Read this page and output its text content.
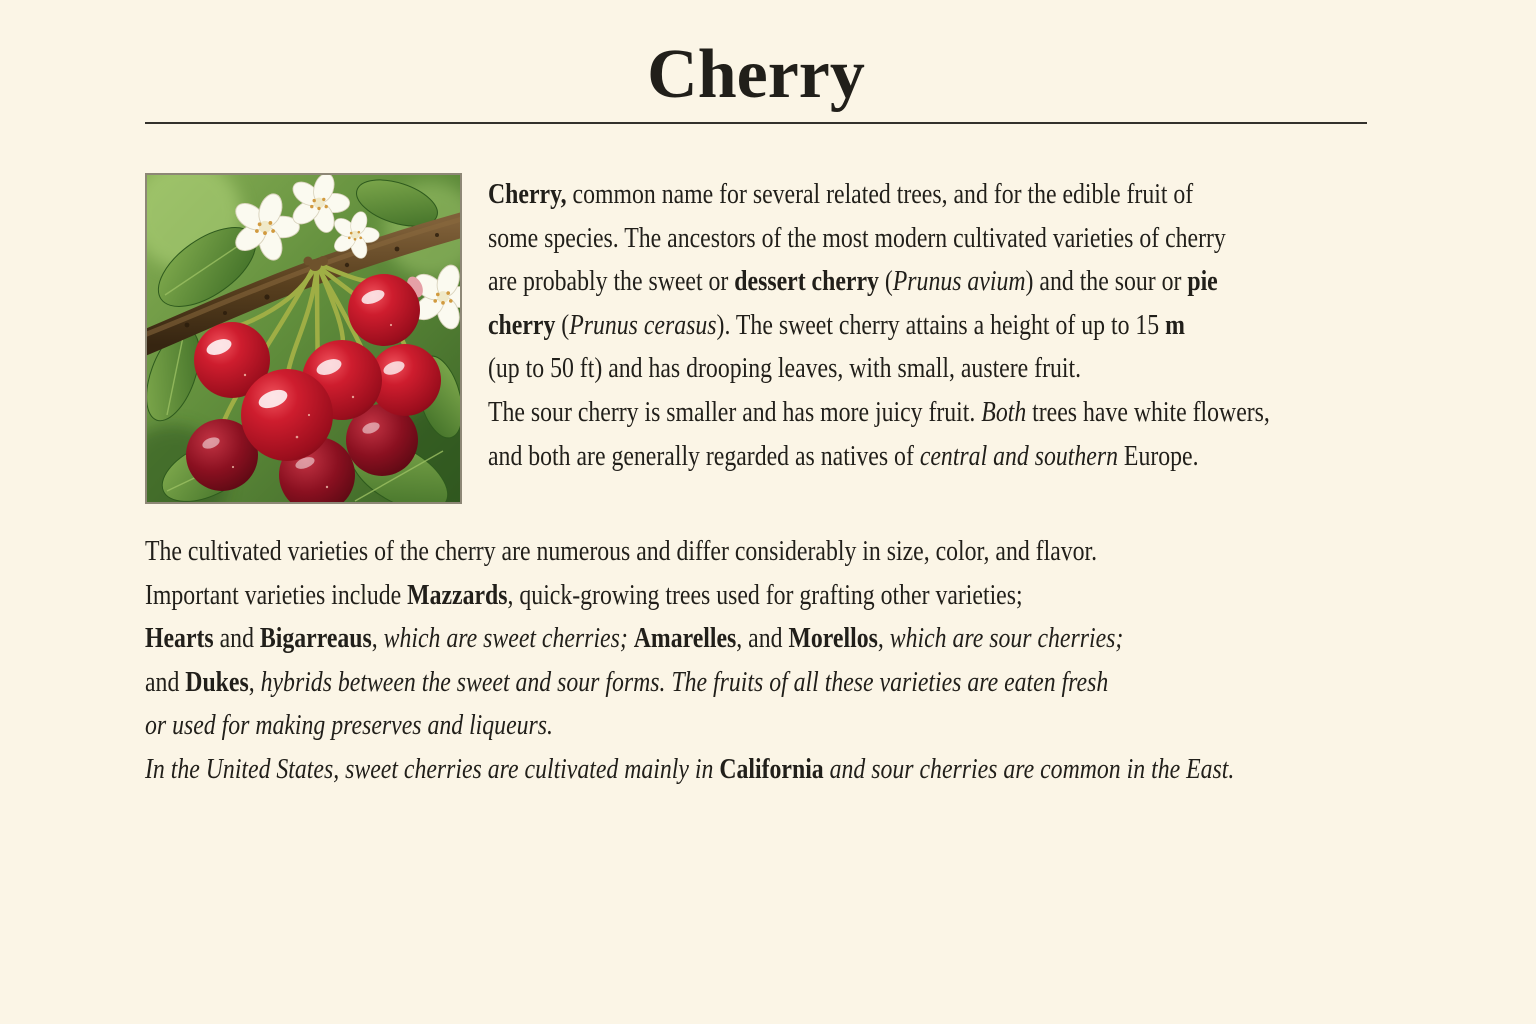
Cherry
Cherry, common name for several related trees, and for the edible fruit of
some species. The ancestors of the most modern cultivated varieties of cherry
are probably the sweet or dessert cherry (Prunus avium) and the sour or pie
cherry (Prunus cerasus). The sweet cherry attains a height of up to 15 m
(up to 50 ft) and has drooping leaves, with small, austere fruit.
The sour cherry is smaller and has more juicy fruit. Both trees have white flowers,
and both are generally regarded as natives of central and southern Europe.
The cultivated varieties of the cherry are numerous and differ considerably in size, color, and flavor.
Important varieties include Mazzards, quick-growing trees used for grafting other varieties;
Hearts and Bigarreaus, which are sweet cherries; Amarelles, and Morellos, which are sour cherries;
and Dukes, hybrids between the sweet and sour forms. The fruits of all these varieties are eaten fresh
or used for making preserves and liqueurs.
In the United States, sweet cherries are cultivated mainly in California and sour cherries are common in the East.
